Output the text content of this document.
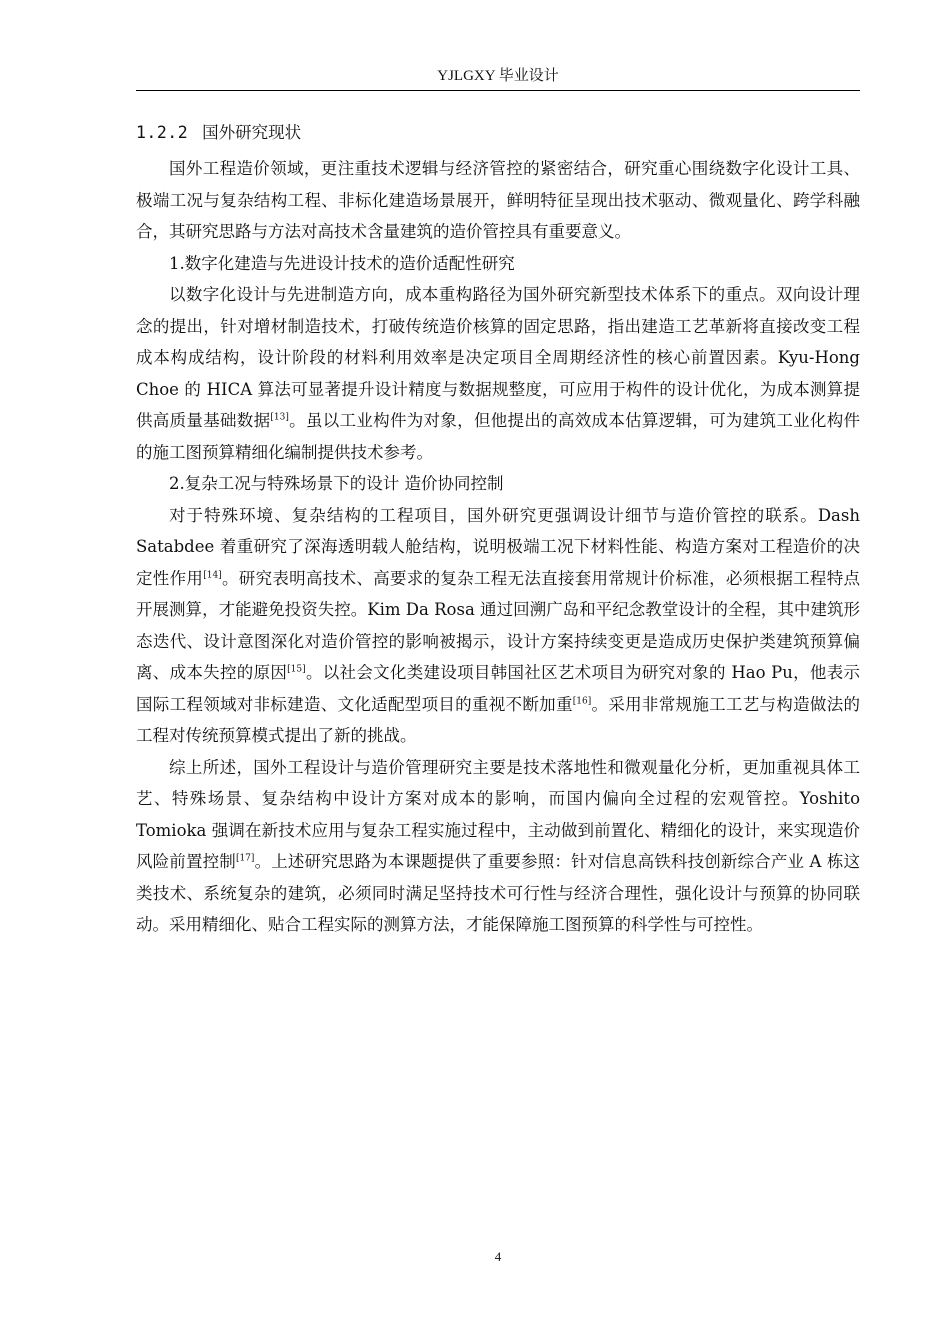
YJLGXY 毕业设计
1.2.2 国外研究现状

国外工程造价领域，更注重技术逻辑与经济管控的紧密结合，研究重心围绕数字化设计工具、极端工况与复杂结构工程、非标化建造场景展开，鲜明特征呈现出技术驱动、微观量化、跨学科融合，其研究思路与方法对高技术含量建筑的造价管控具有重要意义。

1.数字化建造与先进设计技术的造价适配性研究

以数字化设计与先进制造方向，成本重构路径为国外研究新型技术体系下的重点。双向设计理念的提出，针对增材制造技术，打破传统造价核算的固定思路，指出建造工艺革新将直接改变工程成本构成结构，设计阶段的材料利用效率是决定项目全周期经济性的核心前置因素。Kyu-Hong Choe 的 HICA 算法可显著提升设计精度与数据规整度，可应用于构件的设计优化，为成本测算提供高质量基础数据[13]。虽以工业构件为对象，但他提出的高效成本估算逻辑，可为建筑工业化构件的施工图预算精细化编制提供技术参考。

2.复杂工况与特殊场景下的设计 造价协同控制

对于特殊环境、复杂结构的工程项目，国外研究更强调设计细节与造价管控的联系。Dash Satabdee 着重研究了深海透明载人舱结构，说明极端工况下材料性能、构造方案对工程造价的决定性作用[14]。研究表明高技术、高要求的复杂工程无法直接套用常规计价标准，必须根据工程特点开展测算，才能避免投资失控。Kim Da Rosa 通过回溯广岛和平纪念教堂设计的全程，其中建筑形态迭代、设计意图深化对造价管控的影响被揭示，设计方案持续变更是造成历史保护类建筑预算偏离、成本失控的原因[15]。以社会文化类建设项目韩国社区艺术项目为研究对象的 Hao Pu，他表示国际工程领域对非标建造、文化适配型项目的重视不断加重[16]。采用非常规施工工艺与构造做法的工程对传统预算模式提出了新的挑战。

综上所述，国外工程设计与造价管理研究主要是技术落地性和微观量化分析，更加重视具体工艺、特殊场景、复杂结构中设计方案对成本的影响，而国内偏向全过程的宏观管控。Yoshito Tomioka 强调在新技术应用与复杂工程实施过程中，主动做到前置化、精细化的设计，来实现造价风险前置控制[17]。上述研究思路为本课题提供了重要参照：针对信息高铁科技创新综合产业 A 栋这类技术、系统复杂的建筑，必须同时满足坚持技术可行性与经济合理性，强化设计与预算的协同联动。采用精细化、贴合工程实际的测算方法，才能保障施工图预算的科学性与可控性。

4
